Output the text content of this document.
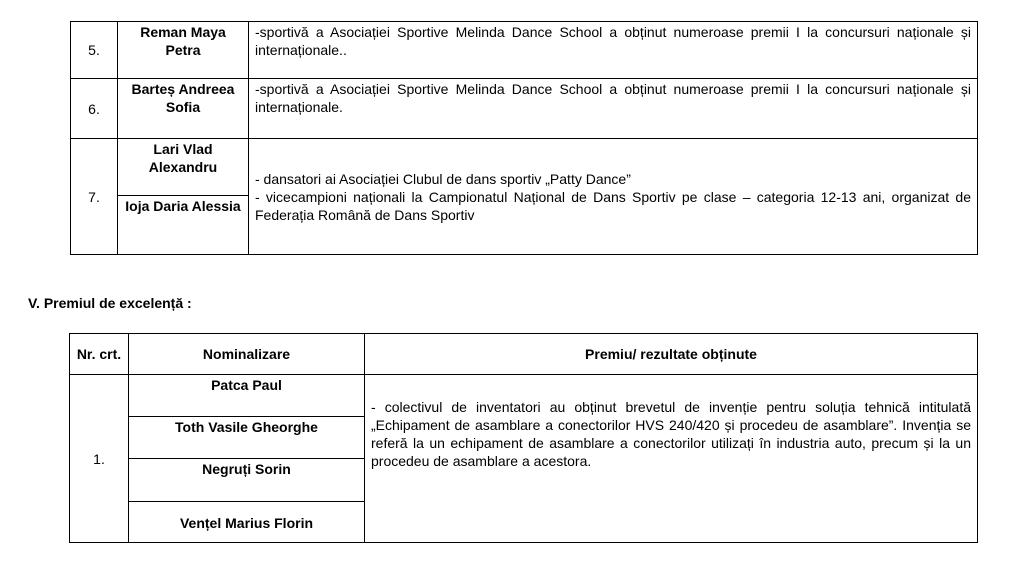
5.	Reman Maya Petra	-sportivă a Asociației Sportive Melinda Dance School a obținut numeroase premii I la concursuri naționale și internaționale..
6.	Barteș Andreea Sofia	-sportivă a Asociației Sportive Melinda Dance School a obținut numeroase premii I la concursuri naționale și internaționale.
7.	Lari Vlad Alexandru	- dansatori ai Asociației Clubul de dans sportiv „Patty Dance”
- vicecampioni naționali la Campionatul Național de Dans Sportiv pe clase – categoria 12-13 ani, organizat de Federația Română de Dans Sportiv

	Ioja Daria Alessia	
V. Premiul de excelență :
Nr. crt.	Nominalizare	Premiu/ rezultate obținute
1.	Patca Paul	- colectivul de inventatori au obținut brevetul de invenție pentru soluția tehnică intitulată „Echipament de asamblare a conectorilor HVS 240/420 și procedeu de asamblare”. Invenția se referă la un echipament de asamblare a conectorilor utilizați în industria auto, precum și la un procedeu de asamblare a acestora.
	Toth Vasile Gheorghe	
	Negruți Sorin	
	Vențel Marius Florin	
